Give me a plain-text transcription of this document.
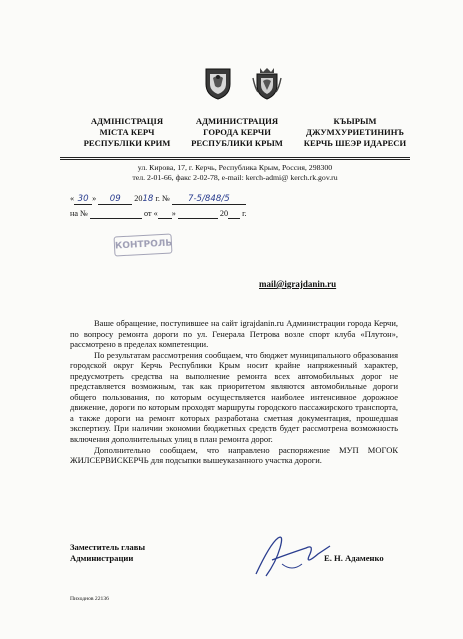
АДМІНІСТРАЦІЯ
МІСТА КЕРЧ
РЕСПУБЛІКИ КРИМ
АДМИНИСТРАЦИЯ
ГОРОДА КЕРЧИ
РЕСПУБЛИКИ КРЫМ
КЪЫРЫМ
ДЖУМХУРИЕТИНИНЪ
КЕРЧЬ ШЕЭР ИДАРЕСИ
ул. Кирова, 17, г. Керчь, Республика Крым, Россия, 298300
тел. 2-01-66, факс 2-02-78, e-mail: kerch-admi@ kerch.rk.gov.ru
« 30 » 09 2018 г. № 7-5/848/5
на №	от « »	20 г.
КОНТРОЛЬ
mail@igrajdanin.ru

Ваше обращение, поступившее на сайт igrajdanin.ru Администрации города Керчи, по вопросу ремонта дороги по ул. Генерала Петрова возле спорт клуба «Плутон», рассмотрено в пределах компетенции.

По результатам рассмотрения сообщаем, что бюджет муниципального образования городской округ Керчь Республики Крым носит крайне напряженный характер, предусмотреть средства на выполнение ремонта всех автомобильных дорог не представляется возможным, так как приоритетом являются автомобильные дороги общего пользования, по которым осуществляется наиболее интенсивное дорожное движение, дороги по которым проходят маршруты городского пассажирского транспорта, а также дороги на ремонт которых разработана сметная документация, прошедшая экспертизу. При наличии экономии бюджетных средств будет рассмотрена возможность включения дополнительных улиц в план ремонта дорог.

Дополнительно сообщаем, что направлено распоряжение МУП МОГОК ЖИЛСЕРВИСКЕРЧЬ для подсыпки вышеуказанного участка дороги.

Заместитель главы
Администрации	Е. Н. Адаменко
Пиходнов 22136
